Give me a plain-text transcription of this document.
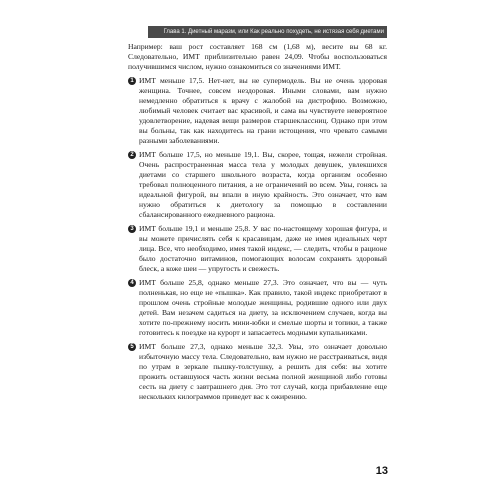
Глава 1. Диетный маразм, или Как реально похудеть, не истязая себя диетами

Например: ваш рост составляет 168 см (1,68 м), весите вы 68 кг. Следовательно, ИМТ приблизительно равен 24,09. Чтобы воспользоваться получившимся числом, нужно ознакомиться со значениями ИМТ.

1 ИМТ меньше 17,5. Нет-нет, вы не супермодель. Вы не очень здоровая женщина. Точнее, совсем нездоровая. Иными словами, вам нужно немедленно обратиться к врачу с жалобой на дистрофию. Возможно, любимый человек считает вас красивой, и сама вы чувствуете невероятное удовлетворение, надевая вещи размеров старшеклассниц. Однако при этом вы больны, так как находитесь на грани истощения, что чревато самыми разными заболеваниями.

2 ИМТ больше 17,5, но меньше 19,1. Вы, скорее, тощая, нежели стройная. Очень распространенная масса тела у молодых девушек, увлекшихся диетами со старшего школьного возраста, когда организм особенно требовал полноценного питания, а не ограничений во всем. Увы, гонясь за идеальной фигурой, вы впали в иную крайность. Это означает, что вам нужно обратиться к диетологу за помощью в составлении сбалансированного ежедневного рациона.

3 ИМТ больше 19,1 и меньше 25,8. У вас по-настоящему хорошая фигура, и вы можете причислять себя к красавицам, даже не имея идеальных черт лица. Все, что необходимо, имея такой индекс, — следить, чтобы в рационе было достаточно витаминов, помогающих волосам сохранять здоровый блеск, а коже шеи — упругость и свежесть.

4 ИМТ больше 25,8, однако меньше 27,3. Это означает, что вы — чуть полненькая, но еще не «пышка». Как правило, такой индекс приобретают в прошлом очень стройные молодые женщины, родившие одного или двух детей. Вам незачем садиться на диету, за исключением случаев, когда вы хотите по-прежнему носить мини-юбки и смелые шорты и топики, а также готовитесь к поездке на курорт и запасаетесь модными купальниками.

5 ИМТ больше 27,3, однако меньше 32,3. Увы, это означает довольно избыточную массу тела. Следовательно, вам нужно не расстраиваться, видя по утрам в зеркале пышку-толстушку, а решить для себя: вы хотите прожить оставшуюся часть жизни весьма полной женщиной либо готовы сесть на диету с завтрашнего дня. Это тот случай, когда прибавление еще нескольких килограммов приведет вас к ожирению.

13
